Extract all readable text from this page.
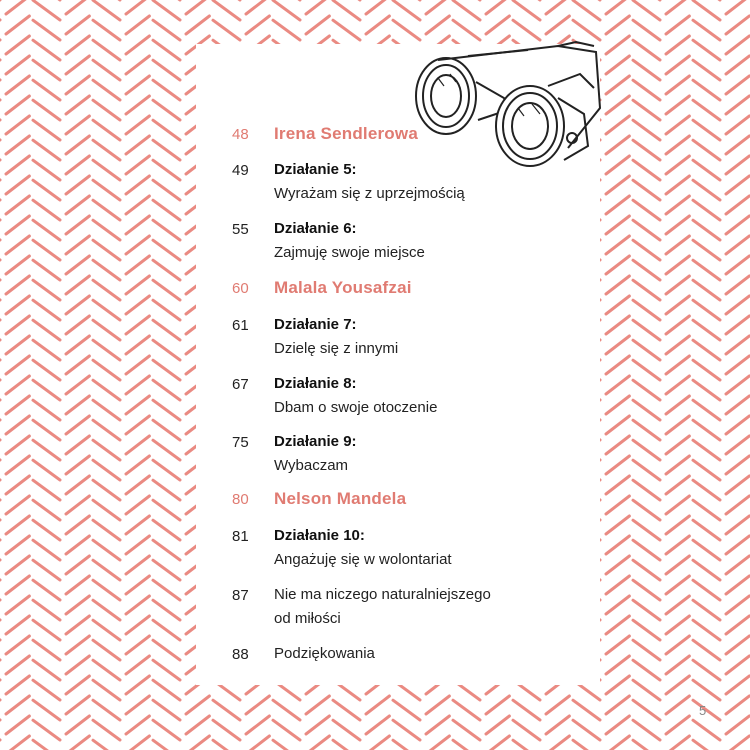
48	Irena Sendlerowa
49	Działanie 5:
Wyrażam się z uprzejmością
55	Działanie 6:
Zajmuję swoje miejsce
60	Malala Yousafzai
61	Działanie 7:
Dzielę się z innymi
67	Działanie 8:
Dbam o swoje otoczenie
75	Działanie 9:
Wybaczam
80	Nelson Mandela
81	Działanie 10:
Angażuję się w wolontariat
87	Nie ma niczego naturalniejszego
od miłości
88	Podziękowania
5
